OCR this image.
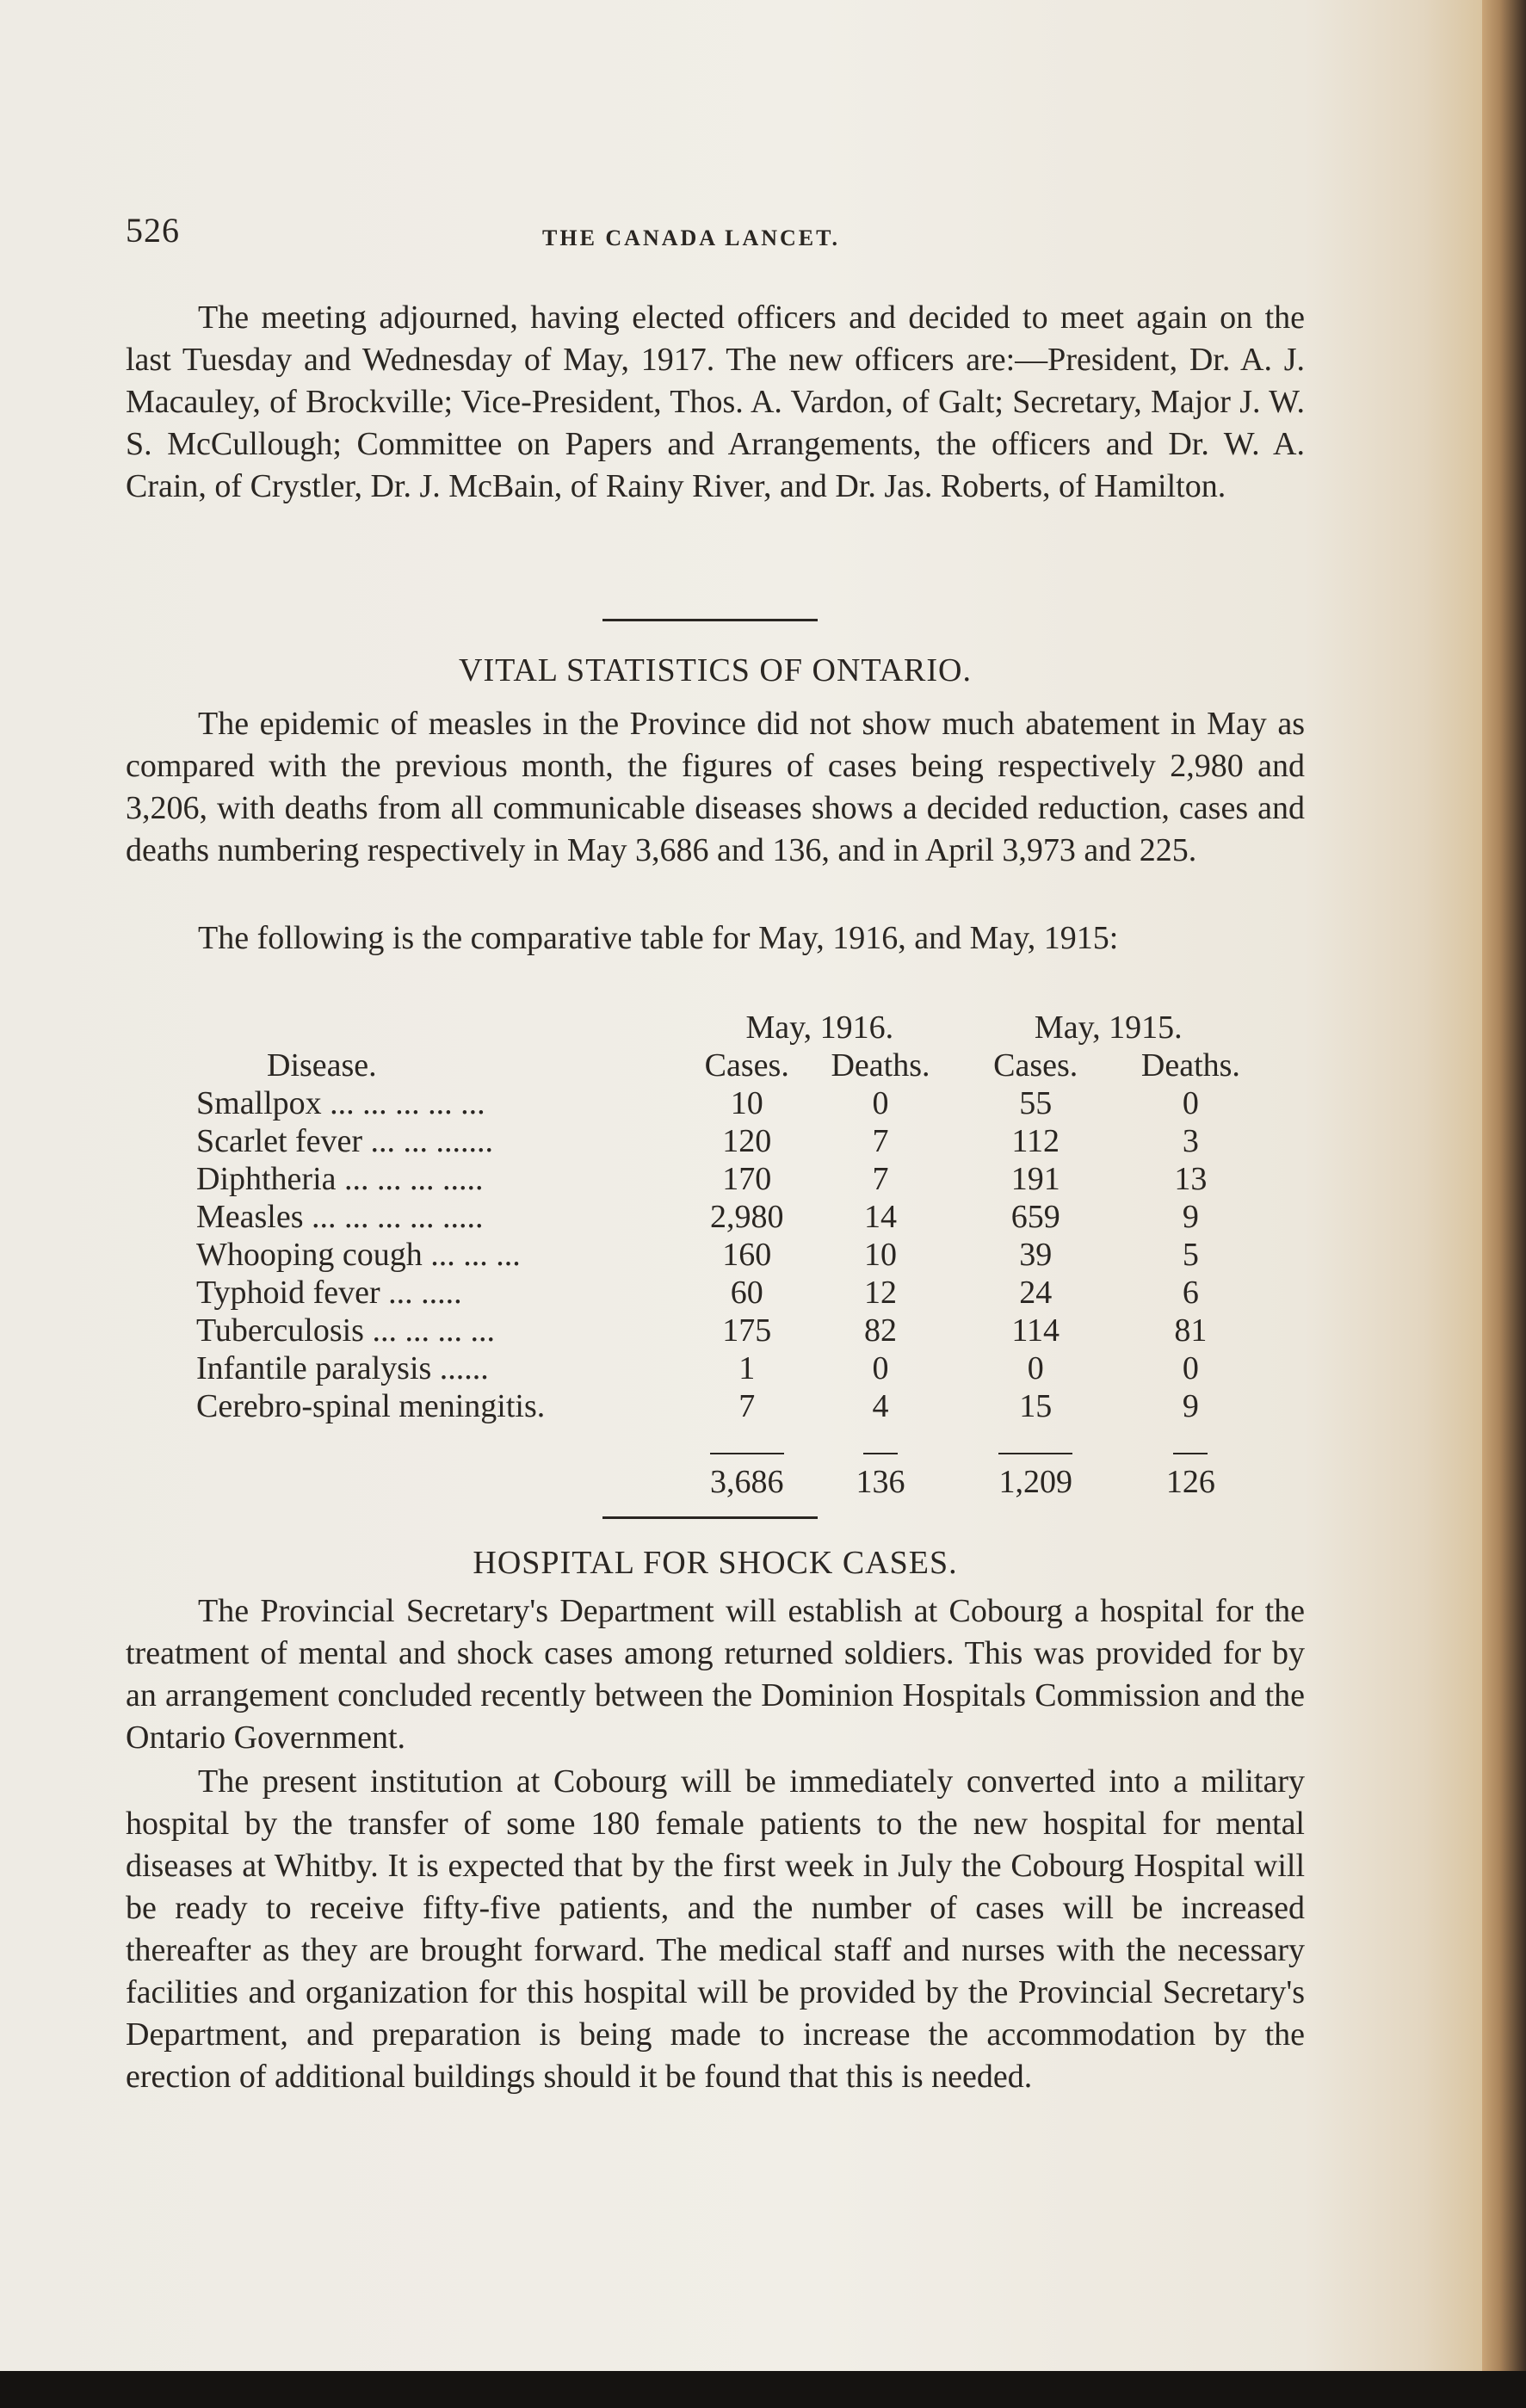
526	THE CANADA LANCET.

The meeting adjourned, having elected officers and decided to meet again on the last Tuesday and Wednesday of May, 1917. The new officers are:—President, Dr. A. J. Macauley, of Brockville; Vice-President, Thos. A. Vardon, of Galt; Secretary, Major J. W. S. McCullough; Committee on Papers and Arrangements, the officers and Dr. W. A. Crain, of Crystler, Dr. J. McBain, of Rainy River, and Dr. Jas. Roberts, of Hamilton.

VITAL STATISTICS OF ONTARIO.

The epidemic of measles in the Province did not show much abatement in May as compared with the previous month, the figures of cases being respectively 2,980 and 3,206, with deaths from all communicable diseases shows a decided reduction, cases and deaths numbering respectively in May 3,686 and 136, and in April 3,973 and 225.

The following is the comparative table for May, 1916, and May, 1915:

	May, 1916.		May, 1915.	
Disease.	Cases.	Deaths.	Cases.	Deaths.
Smallpox ... ... ... ... ...	10	0	55	0
Scarlet fever ... ... .......	120	7	112	3
Diphtheria ... ... ... .....	170	7	191	13
Measles ... ... ... ... .....	2,980	14	659	9
Whooping cough ... ... ...	160	10	39	5
Typhoid fever ... .....	60	12	24	6
Tuberculosis ... ... ... ...	175	82	114	81
Infantile paralysis ......	1	0	0	0
Cerebro-spinal meningitis.	7	4	15	9

	3,686	136	1,209	126
HOSPITAL FOR SHOCK CASES.

The Provincial Secretary's Department will establish at Cobourg a hospital for the treatment of mental and shock cases among returned soldiers. This was provided for by an arrangement concluded recently between the Dominion Hospitals Commission and the Ontario Government.

The present institution at Cobourg will be immediately converted into a military hospital by the transfer of some 180 female patients to the new hospital for mental diseases at Whitby. It is expected that by the first week in July the Cobourg Hospital will be ready to receive fifty-five patients, and the number of cases will be increased thereafter as they are brought forward. The medical staff and nurses with the necessary facilities and organization for this hospital will be provided by the Provincial Secretary's Department, and preparation is being made to increase the accommodation by the erection of additional buildings should it be found that this is needed.
